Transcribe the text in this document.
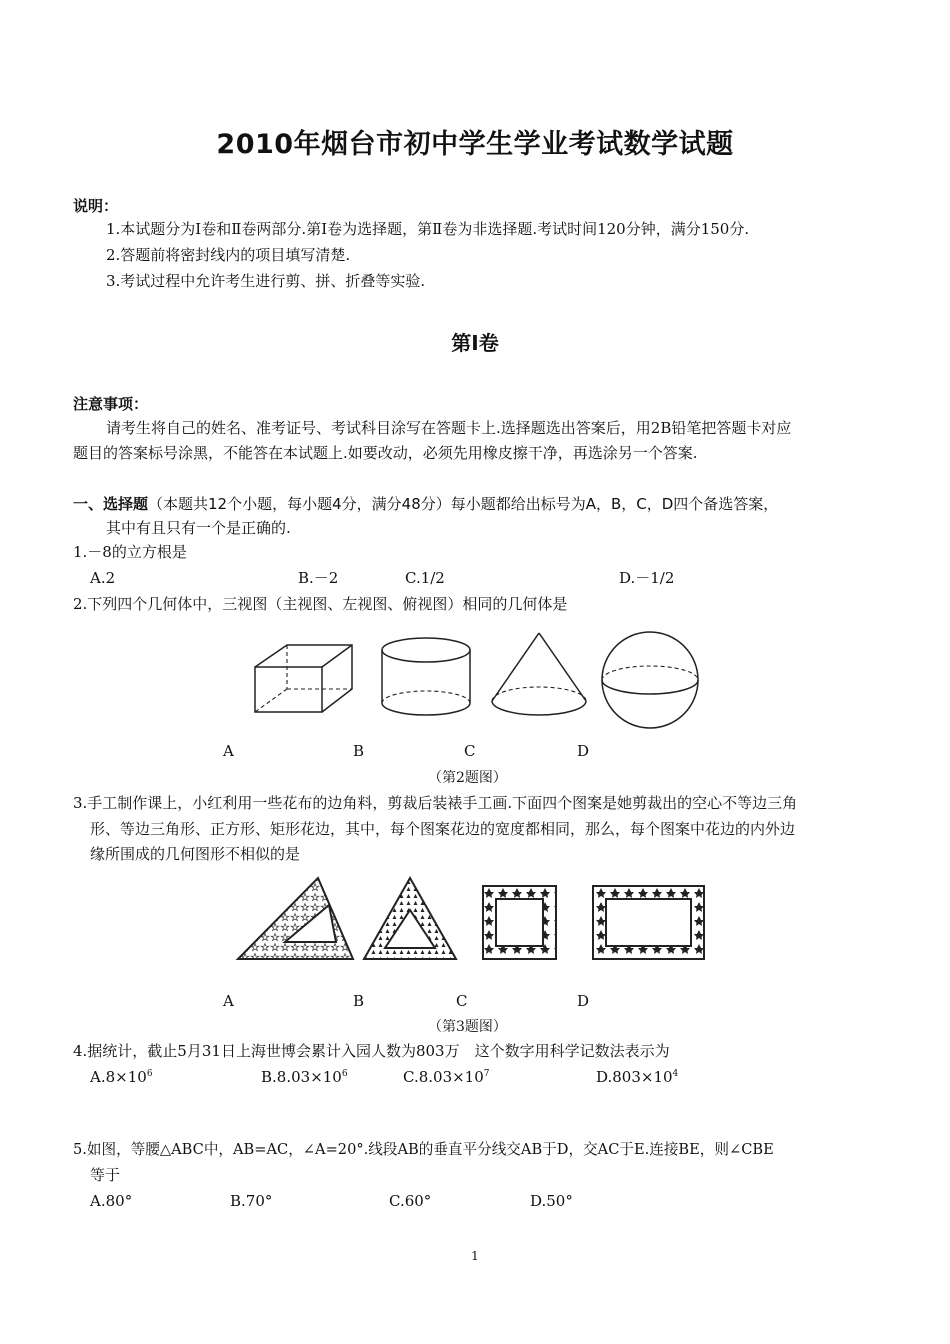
2010年烟台市初中学生学业考试数学试题
说明：
1.本试题分为Ⅰ卷和Ⅱ卷两部分.第Ⅰ卷为选择题，第Ⅱ卷为非选择题.考试时间120分钟，满分150分.
2.答题前将密封线内的项目填写清楚.
3.考试过程中允许考生进行剪、拼、折叠等实验.
第Ⅰ卷
注意事项：
请考生将自己的姓名、准考证号、考试科目涂写在答题卡上.选择题选出答案后，用2B铅笔把答题卡对应
题目的答案标号涂黑，不能答在本试题上.如要改动，必须先用橡皮擦干净，再选涂另一个答案.
一、选择题（本题共12个小题，每小题4分，满分48分）每小题都给出标号为A，B，C，D四个备选答案，
其中有且只有一个是正确的.
1.－8的立方根是
A.2	B.－2	C.1/2	D.－1/2
2.下列四个几何体中，三视图（主视图、左视图、俯视图）相同的几何体是
A	B	C	D
（第2题图）
3.手工制作课上，小红利用一些花布的边角料，剪裁后装裱手工画.下面四个图案是她剪裁出的空心不等边三角
形、等边三角形、正方形、矩形花边，其中，每个图案花边的宽度都相同，那么，每个图案中花边的内外边
缘所围成的几何图形不相似的是
A	B	C	D
（第3题图）
4.据统计，截止5月31日上海世博会累计入园人数为803万　这个数字用科学记数法表示为
$A.8\times 10^6$	$B.8.03\times 10^6$	$C.8.03\times 10^7$	$D.803\times 10^4$
5.如图，等腰△ABC中，AB=AC，∠A=20°.线段AB的垂直平分线交AB于D，交AC于E.连接BE，则∠CBE
等于
A.80°	B.70°	C.60°	D.50°
1
